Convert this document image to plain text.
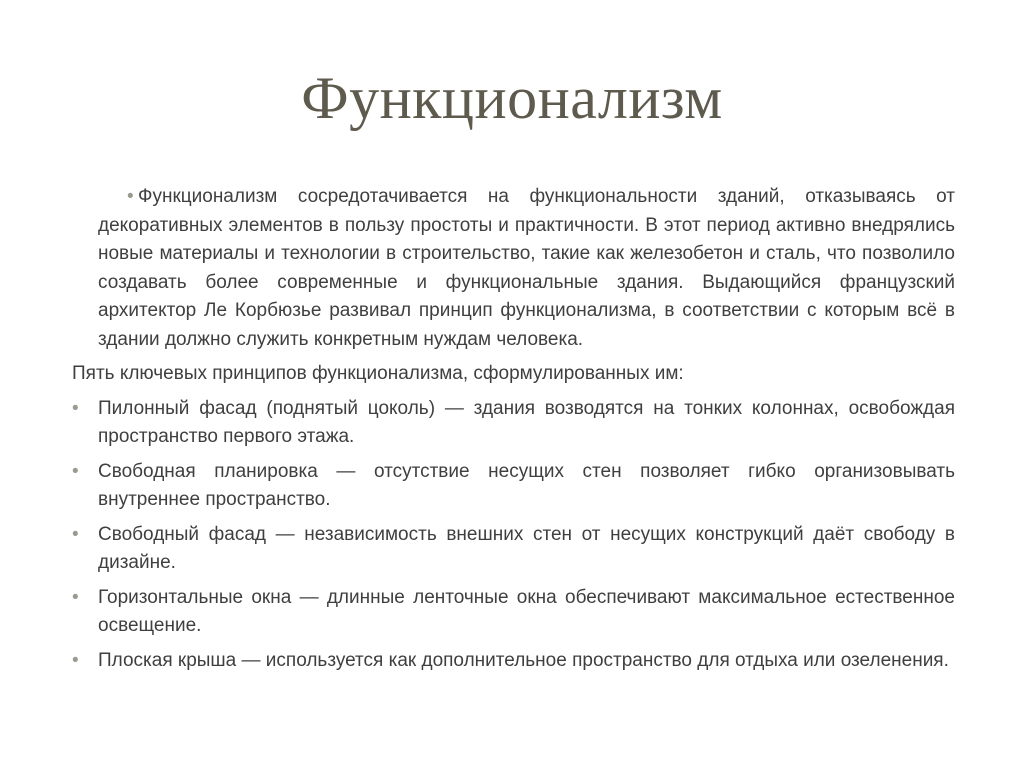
Функционализм
• Функционализм сосредотачивается на функциональности зданий, отказываясь от декоративных элементов в пользу простоты и практичности. В этот период активно внедрялись новые материалы и технологии в строительство, такие как железобетон и сталь, что позволило создавать более современные и функциональные здания. Выдающийся французский архитектор Ле Корбюзье развивал принцип функционализма, в соответствии с которым всё в здании должно служить конкретным нуждам человека.
Пять ключевых принципов функционализма, сформулированных им:
• Пилонный фасад (поднятый цоколь) — здания возводятся на тонких колоннах, освобождая пространство первого этажа.
• Свободная планировка — отсутствие несущих стен позволяет гибко организовывать внутреннее пространство.
• Свободный фасад — независимость внешних стен от несущих конструкций даёт свободу в дизайне.
• Горизонтальные окна — длинные ленточные окна обеспечивают максимальное естественное освещение.
• Плоская крыша — используется как дополнительное пространство для отдыха или озеленения.
